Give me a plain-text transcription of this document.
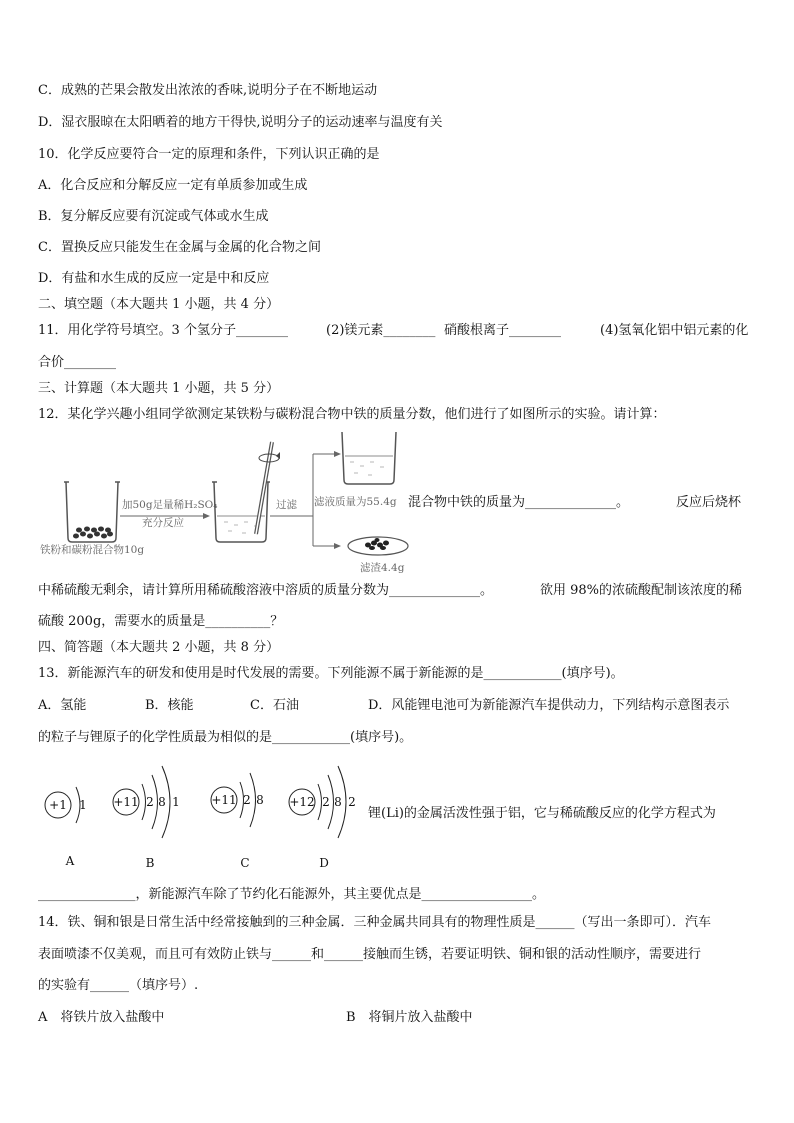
C．成熟的芒果会散发出浓浓的香味,说明分子在不断地运动
D．湿衣服晾在太阳晒着的地方干得快,说明分子的运动速率与温度有关
10．化学反应要符合一定的原理和条件，下列认识正确的是
A．化合反应和分解反应一定有单质参加或生成
B．复分解反应要有沉淀或气体或水生成
C．置换反应只能发生在金属与金属的化合物之间
D．有盐和水生成的反应一定是中和反应
二、填空题（本大题共 1 小题，共 4 分）
11．用化学符号填空。3 个氢分子________	(2)镁元素________ 硝酸根离子________	(4)氢氧化铝中铝元素的化
合价________
三、计算题（本大题共 1 小题，共 5 分）
12．某化学兴趣小组同学欲测定某铁粉与碳粉混合物中铁的质量分数，他们进行了如图所示的实验。请计算：
铁粉和碳粉混合物10g
加50g足量稀H₂SO₄
充分反应
过滤 滤液质量为55.4g
滤渣4.4g
混合物中铁的质量为______________。	反应后烧杯
中稀硫酸无剩余，请计算所用稀硫酸溶液中溶质的质量分数为______________。	欲用 98%的浓硫酸配制该浓度的稀
硫酸 200g，需要水的质量是__________？
四、简答题（本大题共 2 小题，共 8 分）
13．新能源汽车的研发和使用是时代发展的需要。下列能源不属于新能源的是____________(填序号)。
A．氢能	B．核能	C．石油	D．风能锂电池可为新能源汽车提供动力，下列结构示意图表示
的粒子与锂原子的化学性质最为相似的是____________(填序号)。
+1 1
A
+11 2 8 1
B
+11 2 8
C
+12 2 8 2
D
锂(Li)的金属活泼性强于铝，它与稀硫酸反应的化学方程式为
_______________，新能源汽车除了节约化石能源外，其主要优点是_________________。
14．铁、铜和银是日常生活中经常接触到的三种金属．三种金属共同具有的物理性质是______（写出一条即可）．汽车
表面喷漆不仅美观，而且可有效防止铁与______和______接触而生锈，若要证明铁、铜和银的活动性顺序，需要进行
的实验有______（填序号）.
A　将铁片放入盐酸中	B　将铜片放入盐酸中
